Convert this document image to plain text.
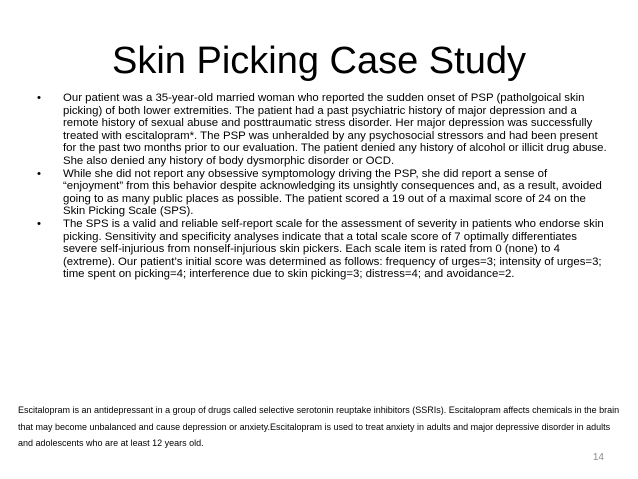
Skin Picking Case Study
• Our patient was a 35-year-old married woman who reported the sudden onset of PSP (patholgoical skin picking) of both lower extremities. The patient had a past psychiatric history of major depression and a remote history of sexual abuse and posttraumatic stress disorder. Her major depression was successfully treated with escitalopram*. The PSP was unheralded by any psychosocial stressors and had been present for the past two months prior to our evaluation. The patient denied any history of alcohol or illicit drug abuse. She also denied any history of body dysmorphic disorder or OCD.
• While she did not report any obsessive symptomology driving the PSP, she did report a sense of “enjoyment” from this behavior despite acknowledging its unsightly consequences and, as a result, avoided going to as many public places as possible. The patient scored a 19 out of a maximal score of 24 on the Skin Picking Scale (SPS).
• The SPS is a valid and reliable self-report scale for the assessment of severity in patients who endorse skin picking. Sensitivity and specificity analyses indicate that a total scale score of 7 optimally differentiates severe self-injurious from nonself-injurious skin pickers. Each scale item is rated from 0 (none) to 4 (extreme). Our patient’s initial score was determined as follows: frequency of urges=3; intensity of urges=3; time spent on picking=4; interference due to skin picking=3; distress=4; and avoidance=2.
Escitalopram is an antidepressant in a group of drugs called selective serotonin reuptake inhibitors (SSRIs). Escitalopram affects chemicals in the brain that may become unbalanced and cause depression or anxiety.Escitalopram is used to treat anxiety in adults and major depressive disorder in adults and adolescents who are at least 12 years old.
14
